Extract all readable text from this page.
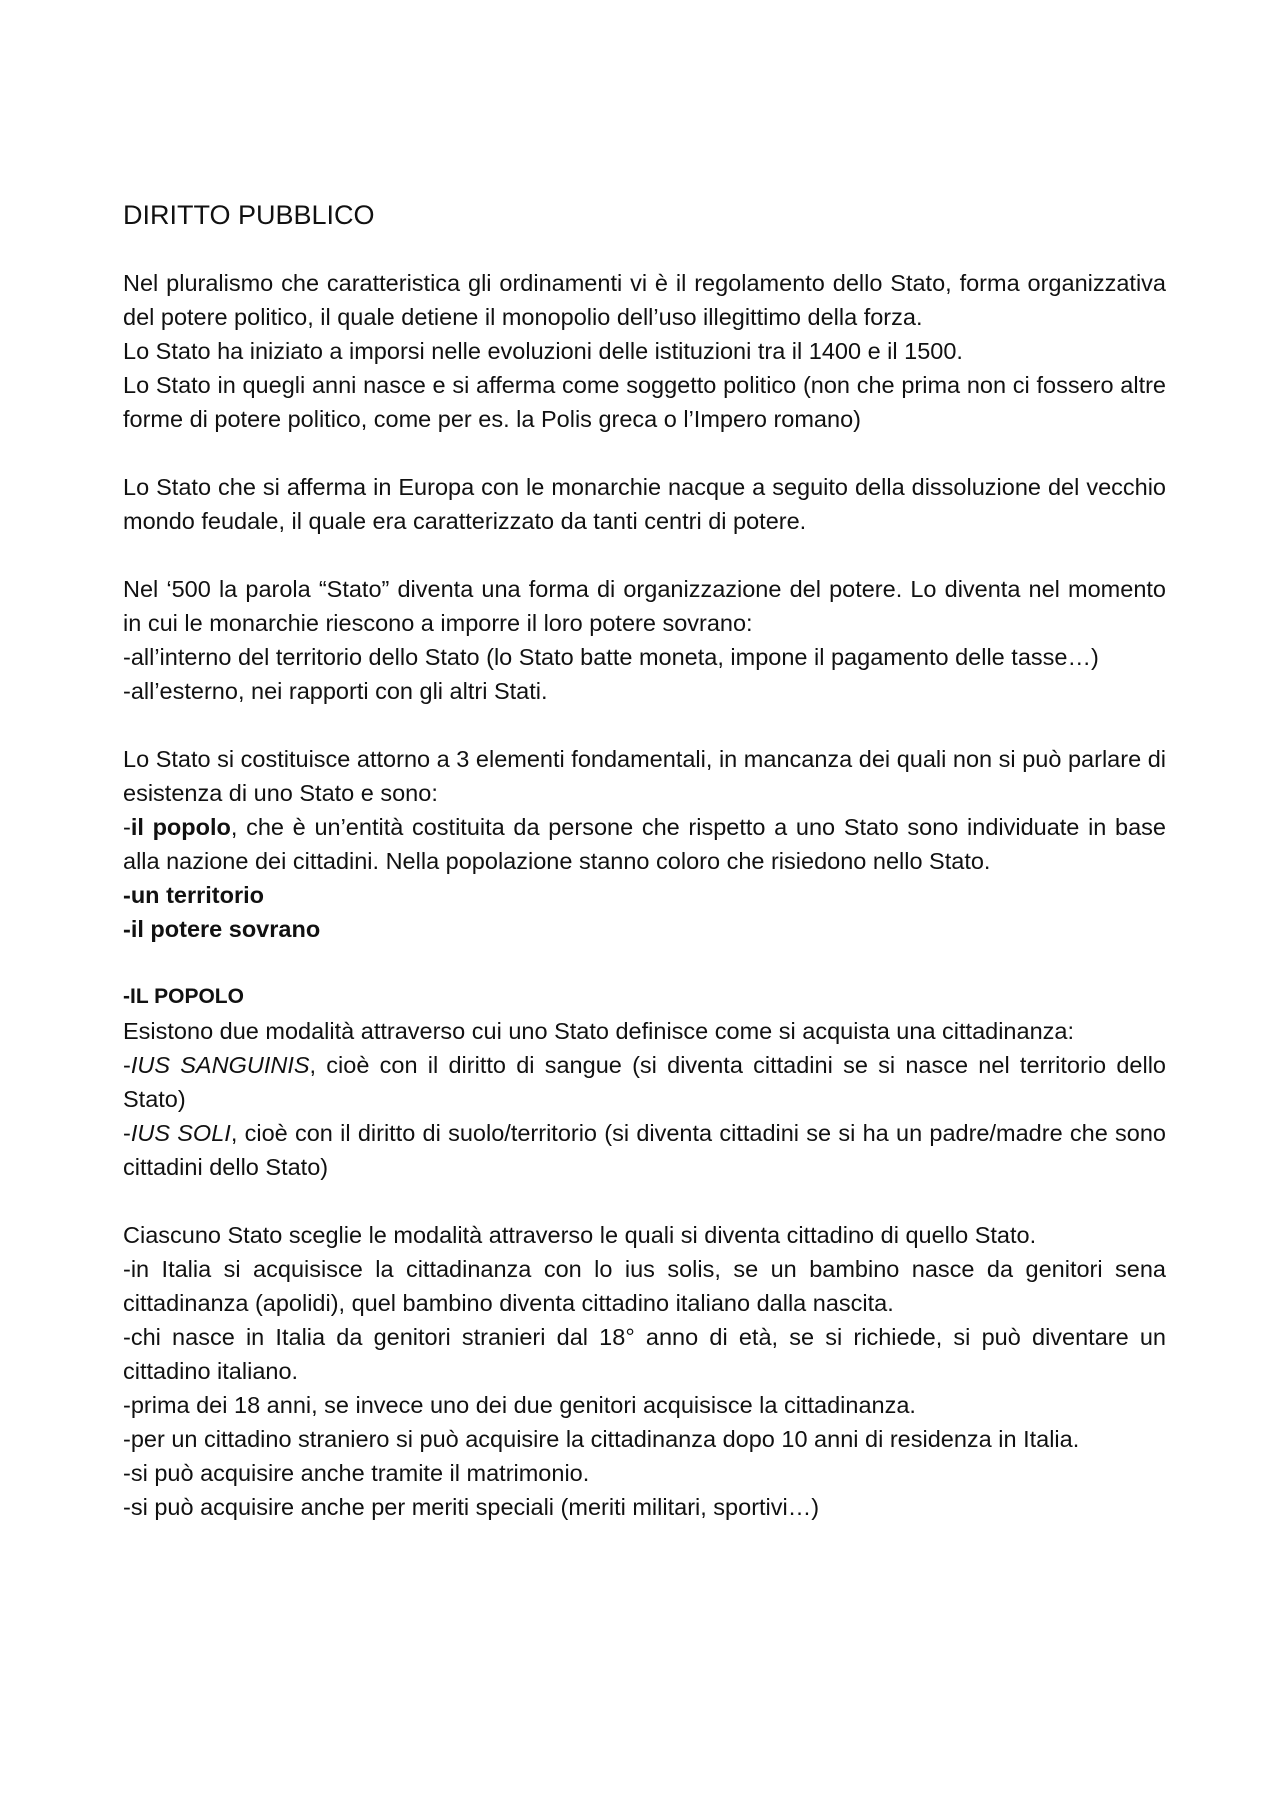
DIRITTO PUBBLICO

Nel pluralismo che caratteristica gli ordinamenti vi è il regolamento dello Stato, forma organizzativa del potere politico, il quale detiene il monopolio dell’uso illegittimo della forza.

Lo Stato ha iniziato a imporsi nelle evoluzioni delle istituzioni tra il 1400 e il 1500.

Lo Stato in quegli anni nasce e si afferma come soggetto politico (non che prima non ci fossero altre forme di potere politico, come per es. la Polis greca o l’Impero romano)

Lo Stato che si afferma in Europa con le monarchie nacque a seguito della dissoluzione del vecchio mondo feudale, il quale era caratterizzato da tanti centri di potere.

Nel ‘500 la parola “Stato” diventa una forma di organizzazione del potere. Lo diventa nel momento in cui le monarchie riescono a imporre il loro potere sovrano:

-all’interno del territorio dello Stato (lo Stato batte moneta, impone il pagamento delle tasse…)

-all’esterno, nei rapporti con gli altri Stati.

Lo Stato si costituisce attorno a 3 elementi fondamentali, in mancanza dei quali non si può parlare di esistenza di uno Stato e sono:

-il popolo, che è un’entità costituita da persone che rispetto a uno Stato sono individuate in base alla nazione dei cittadini. Nella popolazione stanno coloro che risiedono nello Stato.

-un territorio

-il potere sovrano

-IL POPOLO

Esistono due modalità attraverso cui uno Stato definisce come si acquista una cittadinanza:

-IUS SANGUINIS, cioè con il diritto di sangue (si diventa cittadini se si nasce nel territorio dello Stato)

-IUS SOLI, cioè con il diritto di suolo/territorio (si diventa cittadini se si ha un padre/madre che sono cittadini dello Stato)

Ciascuno Stato sceglie le modalità attraverso le quali si diventa cittadino di quello Stato.

-in Italia si acquisisce la cittadinanza con lo ius solis, se un bambino nasce da genitori sena cittadinanza (apolidi), quel bambino diventa cittadino italiano dalla nascita.

-chi nasce in Italia da genitori stranieri dal 18° anno di età, se si richiede, si può diventare un cittadino italiano.

-prima dei 18 anni, se invece uno dei due genitori acquisisce la cittadinanza.

-per un cittadino straniero si può acquisire la cittadinanza dopo 10 anni di residenza in Italia.

-si può acquisire anche tramite il matrimonio.

-si può acquisire anche per meriti speciali (meriti militari, sportivi…)
